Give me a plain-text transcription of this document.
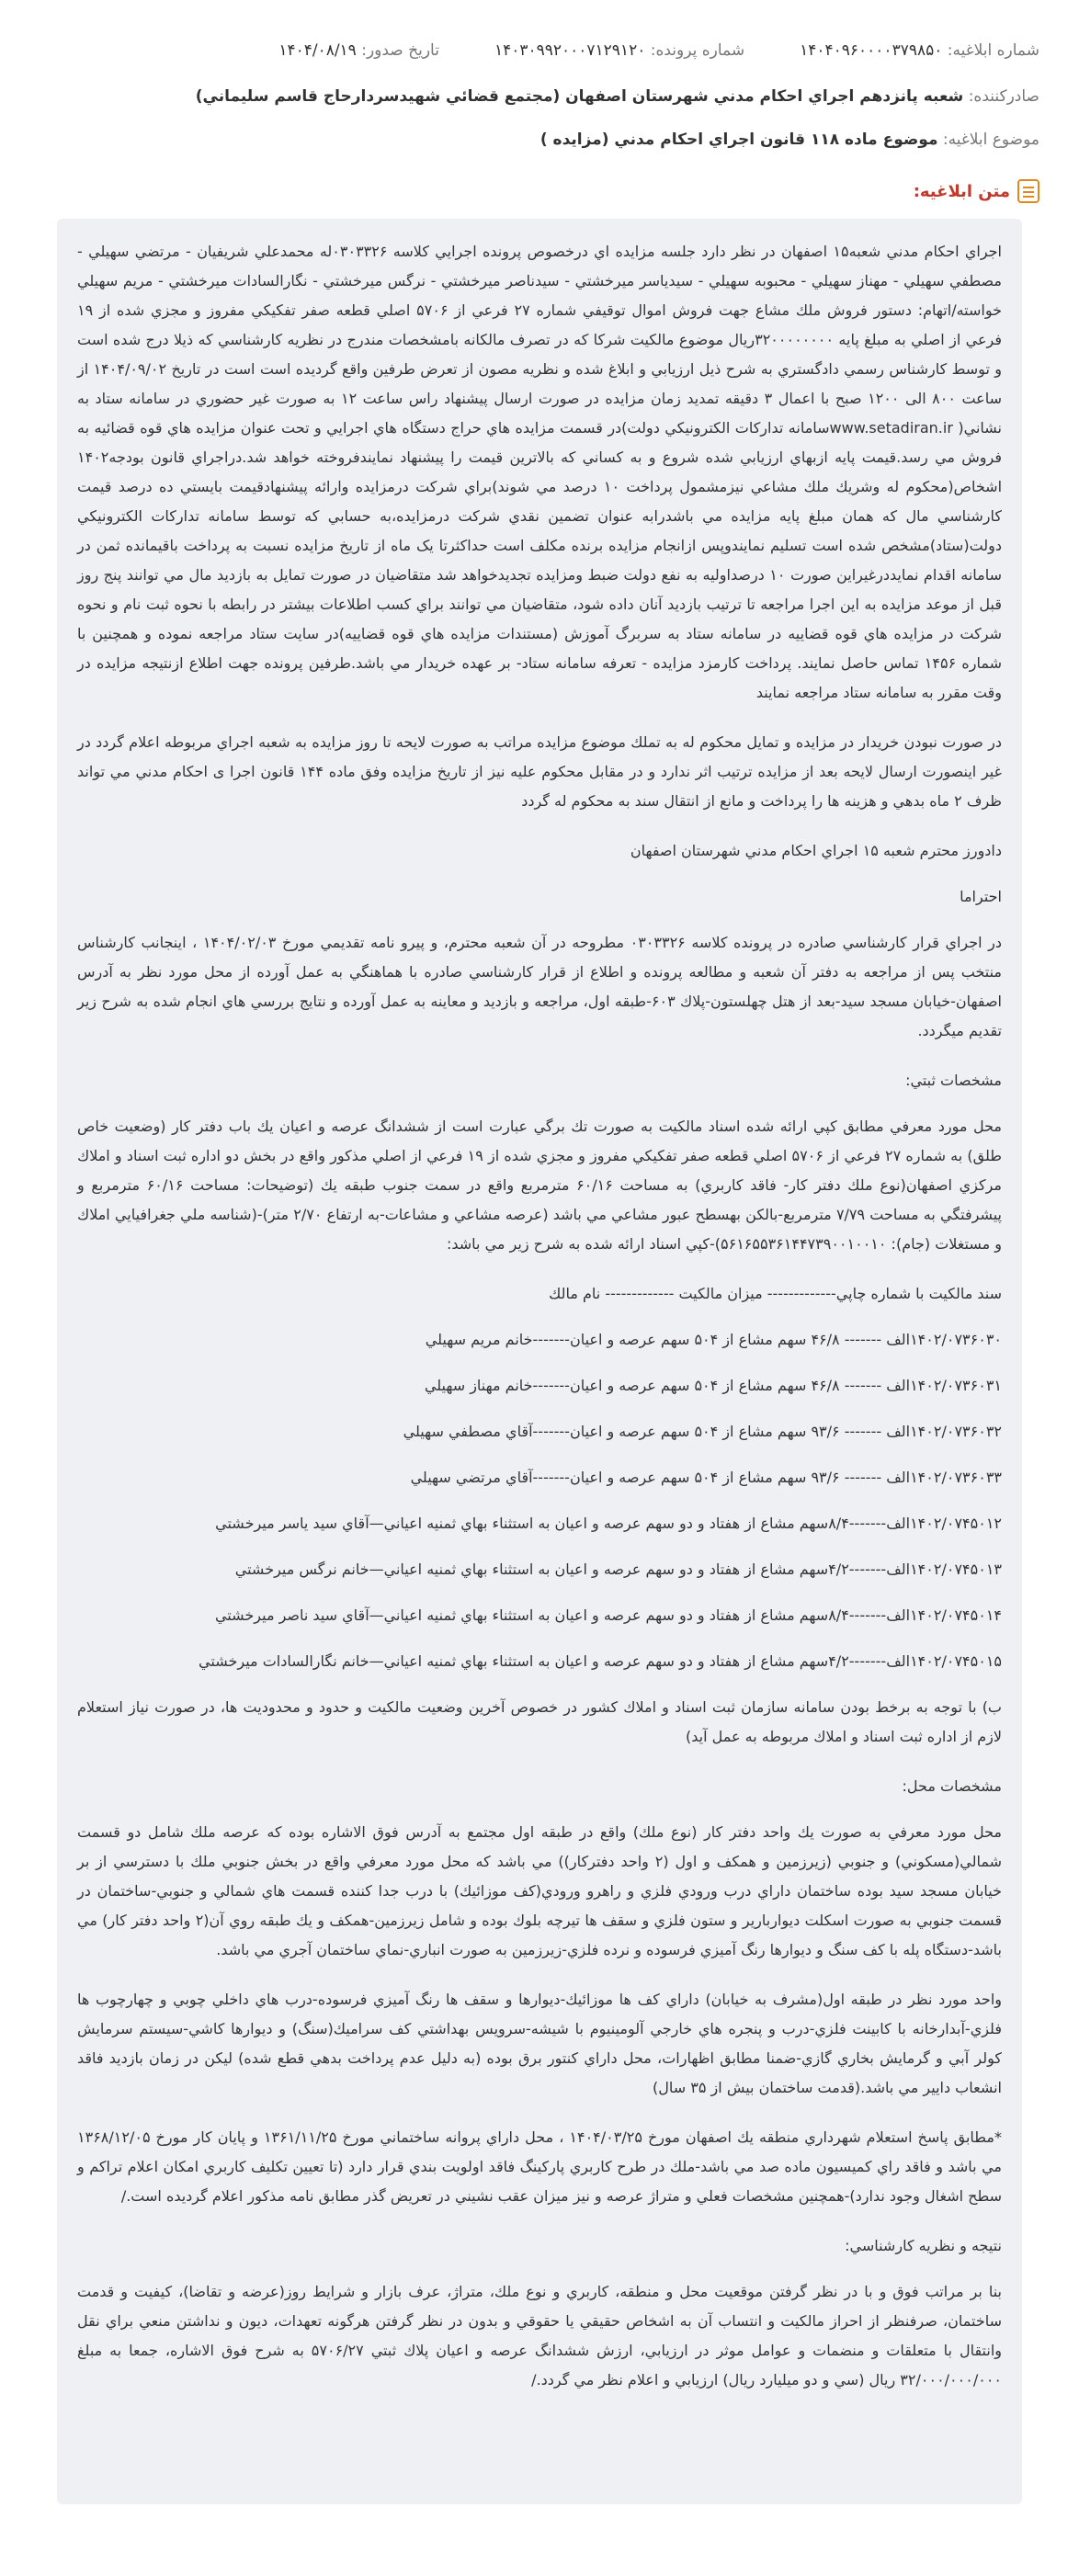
شماره ابلاغيه: ۱۴۰۴۰۹۶۰۰۰۰۳۷۹۸۵۰
شماره پرونده: ۱۴۰۳۰۹۹۲۰۰۰۷۱۲۹۱۲۰
تاريخ صدور: ۱۴۰۴/۰۸/۱۹
صادرکننده: شعبه پانزدهم اجراي احكام مدني شهرستان اصفهان (مجتمع قضائي شهيدسردارحاج قاسم سليماني)
موضوع ابلاغيه: موضوع ماده ۱۱۸ قانون اجراي احكام مدني (مزايده )
متن ابلاغيه:

اجراي احكام مدني شعبه۱۵ اصفهان در نظر دارد جلسه مزايده اي درخصوص پرونده اجرايي كلاسه ۰۳۰۳۳۲۶له محمدعلي شريفيان - مرتضي سهيلي - مصطفي سهيلي - مهناز سهيلي - محبوبه سهيلي - سيدياسر ميرخشتي - سيدناصر ميرخشتي - نرگس ميرخشتي - نگارالسادات ميرخشتي - مريم سهيلي خواسته/اتهام: دستور فروش ملك مشاع جهت فروش اموال توقيفي شماره ۲۷ فرعي از ۵۷۰۶ اصلي قطعه صفر تفكيكي مفروز و مجزي شده از ۱۹ فرعي از اصلي به مبلغ پايه ۳۲۰۰۰۰۰۰۰۰ريال موضوع مالكيت شركا كه در تصرف مالكانه بامشخصات مندرج در نظريه كارشناسي كه ذيلا درج شده است و توسط كارشناس رسمي دادگستري به شرح ذيل ارزيابي و ابلاغ شده و نظريه مصون از تعرض طرفين واقع گرديده است است در تاريخ ۱۴۰۴/۰۹/۰۲ از ساعت ۸۰۰ الی ۱۲۰۰ صبح با اعمال ۳ دقيقه تمديد زمان مزايده در صورت ارسال پيشنهاد راس ساعت ۱۲ به صورت غير حضوري در سامانه ستاد به نشاني( www.setadiran.irسامانه تداركات الكترونيكي دولت)در قسمت مزايده هاي حراج دستگاه هاي اجرايي و تحت عنوان مزايده هاي قوه قضائيه به فروش مي رسد.قيمت پايه ازبهاي ارزيابي شده شروع و به كساني كه بالاترين قيمت را پيشنهاد نمايندفروخته خواهد شد.دراجراي قانون بودجه۱۴۰۲ اشخاص(محكوم له وشريك ملك مشاعي نيزمشمول پرداخت ۱۰ درصد مي شوند)براي شركت درمزايده وارائه پيشنهادقيمت بايستي ده درصد قيمت كارشناسي مال كه همان مبلغ پايه مزايده مي باشدرابه عنوان تضمين نقدي شركت درمزايده،به حسابي كه توسط سامانه تداركات الكترونيكي دولت(ستاد)مشخص شده است تسليم نمايندوپس ازانجام مزايده برنده مكلف است حداكثرتا يک ماه از تاريخ مزايده نسبت به پرداخت باقيمانده ثمن در سامانه اقدام نمايددرغيراين صورت ۱۰ درصداوليه به نفع دولت ضبط ومزايده تجديدخواهد شد متقاضيان در صورت تمايل به بازديد مال مي توانند پنج روز قبل از موعد مزايده به اين اجرا مراجعه تا ترتيب بازديد آنان داده شود، متقاضيان مي توانند براي كسب اطلاعات بيشتر در رابطه با نحوه ثبت نام و نحوه شركت در مزايده هاي قوه قضاييه در سامانه ستاد به سربرگ آموزش (مستندات مزايده هاي قوه قضاييه)در سايت ستاد مراجعه نموده و همچنين با شماره ۱۴۵۶ تماس حاصل نمايند. پرداخت كارمزد مزايده - تعرفه سامانه ستاد- بر عهده خريدار مي باشد.طرفين پرونده جهت اطلاع ازنتيجه مزايده در وقت مقرر به سامانه ستاد مراجعه نمايند

در صورت نبودن خريدار در مزايده و تمايل محكوم له به تملك موضوع مزايده مراتب به صورت لايحه تا روز مزايده به شعبه اجراي مربوطه اعلام گردد در غير اينصورت ارسال لايحه بعد از مزايده ترتيب اثر ندارد و در مقابل محكوم عليه نيز از تاريخ مزايده وفق ماده ۱۴۴ قانون اجرا ی احكام مدني مي تواند ظرف ۲ ماه بدهي و هزينه ها را پرداخت و مانع از انتقال سند به محكوم له گردد

دادورز محترم شعبه ۱۵ اجراي احكام مدني شهرستان اصفهان

احتراما

در اجراي قرار كارشناسي صادره در پرونده كلاسه ۰۳۰۳۳۲۶ مطروحه در آن شعبه محترم، و پيرو نامه تقديمي مورخ ۱۴۰۴/۰۲/۰۳ ، اينجانب كارشناس منتخب پس از مراجعه به دفتر آن شعبه و مطالعه پرونده و اطلاع از قرار كارشناسي صادره با هماهنگي به عمل آورده از محل مورد نظر به آدرس اصفهان-خيابان مسجد سيد-بعد از هتل چهلستون-پلاك ۶۰۳-طبقه اول، مراجعه و بازديد و معاينه به عمل آورده و نتايج بررسي هاي انجام شده به شرح زير تقديم ميگردد.

مشخصات ثبتي:

محل مورد معرفي مطابق كپي ارائه شده اسناد مالكيت به صورت تك برگي عبارت است از ششدانگ عرصه و اعيان يك باب دفتر كار (وضعيت خاص طلق) به شماره ۲۷ فرعي از ۵۷۰۶ اصلي قطعه صفر تفكيكي مفروز و مجزي شده از ۱۹ فرعي از اصلي مذكور واقع در بخش دو اداره ثبت اسناد و املاك مركزي اصفهان(نوع ملك دفتر كار- فاقد كاربري) به مساحت ۶۰/۱۶ مترمربع واقع در سمت جنوب طبقه يك (توضيحات: مساحت ۶۰/۱۶ مترمربع و پيشرفتگي به مساحت ۷/۷۹ مترمربع-بالكن بهسطح عبور مشاعي مي باشد (عرصه مشاعي و مشاعات-به ارتفاع ۲/۷۰ متر)-(شناسه ملي جغرافيايي املاك و مستغلات (جام): ۵۶۱۶۵۵۳۶۱۴۴۷۳۹۰۰۱۰۰۱۰)-كپي اسناد ارائه شده به شرح زير مي باشد:

سند مالكيت با شماره چاپي------------- ميزان مالكيت ------------- نام مالك

۱۴۰۲/۰۷۳۶۰۳۰الف ------- ۴۶/۸ سهم مشاع از ۵۰۴ سهم عرصه و اعيان-------خانم مريم سهيلي

۱۴۰۲/۰۷۳۶۰۳۱الف ------- ۴۶/۸ سهم مشاع از ۵۰۴ سهم عرصه و اعيان-------خانم مهناز سهيلي

۱۴۰۲/۰۷۳۶۰۳۲الف ------- ۹۳/۶ سهم مشاع از ۵۰۴ سهم عرصه و اعيان-------آقاي مصطفي سهيلي

۱۴۰۲/۰۷۳۶۰۳۳الف ------- ۹۳/۶ سهم مشاع از ۵۰۴ سهم عرصه و اعيان-------آقاي مرتضي سهيلي

۱۴۰۲/۰۷۴۵۰۱۲الف-------۸/۴سهم مشاع از هفتاد و دو سهم عرصه و اعيان به استثناء بهاي ثمنيه اعياني—آقاي سيد ياسر ميرخشتي

۱۴۰۲/۰۷۴۵۰۱۳الف-------۴/۲سهم مشاع از هفتاد و دو سهم عرصه و اعيان به استثناء بهاي ثمنيه اعياني—خانم نرگس ميرخشتي

۱۴۰۲/۰۷۴۵۰۱۴الف-------۸/۴سهم مشاع از هفتاد و دو سهم عرصه و اعيان به استثناء بهاي ثمنيه اعياني—آقاي سيد ناصر ميرخشتي

۱۴۰۲/۰۷۴۵۰۱۵الف-------۴/۲سهم مشاع از هفتاد و دو سهم عرصه و اعيان به استثناء بهاي ثمنيه اعياني—خانم نگارالسادات ميرخشتي

ب) با توجه به برخط بودن سامانه سازمان ثبت اسناد و املاك كشور در خصوص آخرين وضعيت مالكيت و حدود و محدوديت ها، در صورت نياز استعلام لازم از اداره ثبت اسناد و املاك مربوطه به عمل آيد)

مشخصات محل:

محل مورد معرفي به صورت يك واحد دفتر كار (نوع ملك) واقع در طبقه اول مجتمع به آدرس فوق الاشاره بوده كه عرصه ملك شامل دو قسمت شمالي(مسكوني) و جنوبي (زيرزمين و همكف و اول (۲ واحد دفتركار)) مي باشد كه محل مورد معرفي واقع در بخش جنوبي ملك با دسترسي از بر خيابان مسجد سيد بوده ساختمان داراي درب ورودي فلزي و راهرو ورودي(كف موزائيك) با درب جدا كننده قسمت هاي شمالي و جنوبي-ساختمان در قسمت جنوبي به صورت اسكلت ديواربارير و ستون فلزي و سقف ها تيرچه بلوك بوده و شامل زيرزمين-همكف و يك طبقه روي آن(۲ واحد دفتر كار) مي باشد-دستگاه پله با كف سنگ و ديوارها رنگ آميزي فرسوده و نرده فلزي-زيرزمين به صورت انباري-نماي ساختمان آجري مي باشد.

واحد مورد نظر در طبقه اول(مشرف به خيابان) داراي كف ها موزائيك-ديوارها و سقف ها رنگ آميزي فرسوده-درب هاي داخلي چوبي و چهارچوب ها فلزي-آبدارخانه با كابينت فلزي-درب و پنجره هاي خارجي آلومينيوم با شيشه-سرويس بهداشتي كف سراميك(سنگ) و ديوارها كاشي-سيستم سرمايش كولر آبي و گرمايش بخاري گازي-ضمنا مطابق اظهارات، محل داراي كنتور برق بوده (به دليل عدم پرداخت بدهي قطع شده) ليكن در زمان بازديد فاقد انشعاب دايير مي باشد.(قدمت ساختمان بيش از ۳۵ سال)

*مطابق پاسخ استعلام شهرداري منطقه يك اصفهان مورخ ۱۴۰۴/۰۳/۲۵ ، محل داراي پروانه ساختماني مورخ ۱۳۶۱/۱۱/۲۵ و پايان كار مورخ ۱۳۶۸/۱۲/۰۵ مي باشد و فاقد راي كميسيون ماده صد مي باشد-ملك در طرح كاربري پاركينگ فاقد اولويت بندي قرار دارد (تا تعيين تكليف كاربري امكان اعلام تراكم و سطح اشغال وجود ندارد)-همچنين مشخصات فعلي و متراژ عرصه و نيز ميزان عقب نشيني در تعريض گذر مطابق نامه مذكور اعلام گرديده است./

نتيجه و نظريه كارشناسي:

بنا بر مراتب فوق و با در نظر گرفتن موقعيت محل و منطقه، كاربري و نوع ملك، متراژ، عرف بازار و شرايط روز(عرضه و تقاضا)، كيفيت و قدمت ساختمان، صرفنظر از احراز مالكيت و انتساب آن به اشخاص حقيقي يا حقوقي و بدون در نظر گرفتن هرگونه تعهدات، ديون و نداشتن منعي براي نقل وانتقال با متعلقات و منضمات و عوامل موثر در ارزيابي، ارزش ششدانگ عرصه و اعيان پلاك ثبتي ۵۷۰۶/۲۷ به شرح فوق الاشاره، جمعا به مبلغ ۳۲/۰۰۰/۰۰۰/۰۰۰ ريال (سي و دو ميليارد ريال) ارزيابي و اعلام نظر مي گردد./
